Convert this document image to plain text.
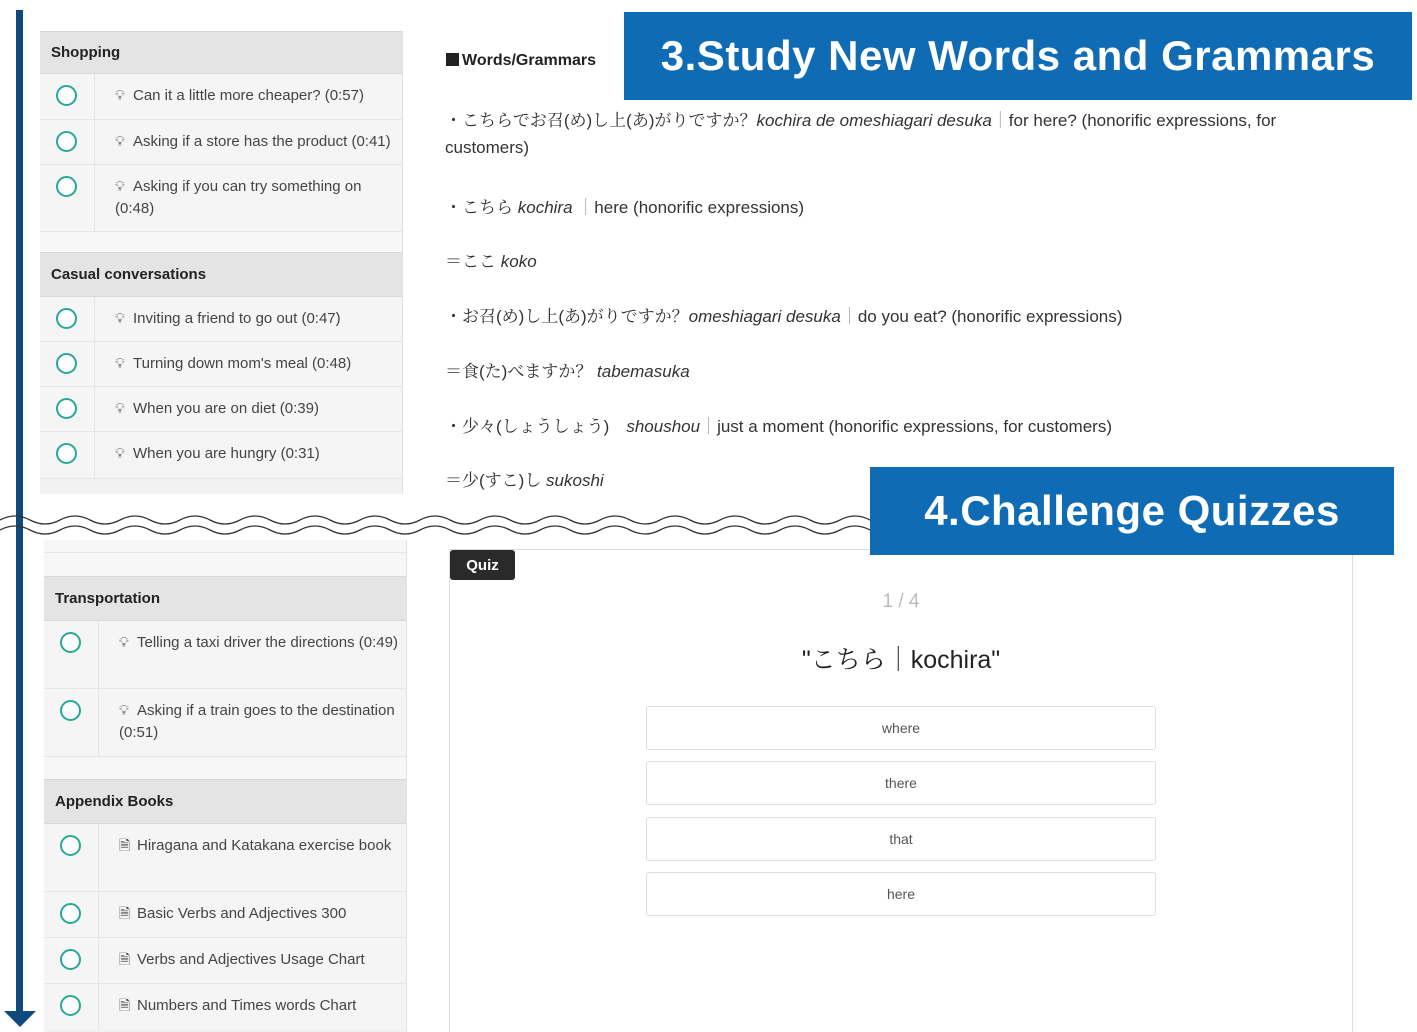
Shopping
💡︎ Can it a little more cheaper? (0:57)
💡︎ Asking if a store has the product (0:41)
💡︎ Asking if you can try something on (0:48)
Casual conversations
💡︎ Inviting a friend to go out (0:47)
💡︎ Turning down mom's meal (0:48)
💡︎ When you are on diet (0:39)
💡︎ When you are hungry (0:31)
Transportation
💡︎ Telling a taxi driver the directions (0:49)
💡︎ Asking if a train goes to the destination (0:51)
Appendix Books
🗎︎ Hiragana and Katakana exercise book
🗎︎ Basic Verbs and Adjectives 300
🗎︎ Verbs and Adjectives Usage Chart
🗎︎ Numbers and Times words Chart
Words/Grammars
・こちらでお召(め)し上(あ)がりですか？kochira de omeshiagari desuka｜for here? (honorific expressions, for
customers)
・こちら kochira ｜here (honorific expressions)
＝ここ koko
・お召(め)し上(あ)がりですか？omeshiagari desuka｜do you eat? (honorific expressions)
＝食(た)べますか？ tabemasuka
・少々(しょうしょう)　shoushou｜just a moment (honorific expressions, for customers)
＝少(すこ)し sukoshi
Quiz
1 / 4
"こちら｜kochira"
where
there
that
here
3.Study New Words and Grammars
4.Challenge Quizzes
